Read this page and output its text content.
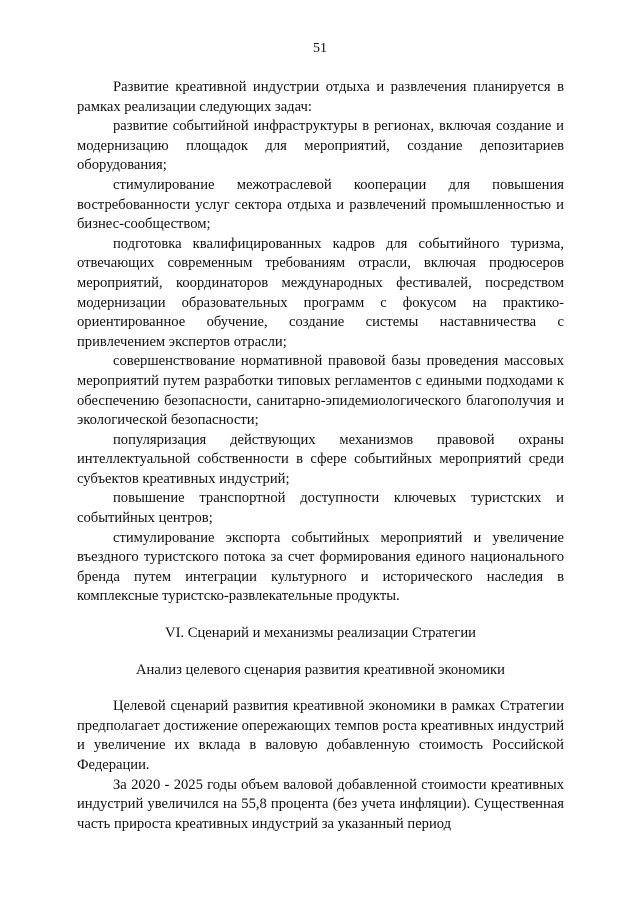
51

Развитие креативной индустрии отдыха и развлечения планируется в рамках реализации следующих задач:

развитие событийной инфраструктуры в регионах, включая создание и модернизацию площадок для мероприятий, создание депозитариев оборудования;

стимулирование межотраслевой кооперации для повышения востребованности услуг сектора отдыха и развлечений промышленностью и бизнес-сообществом;

подготовка квалифицированных кадров для событийного туризма, отвечающих современным требованиям отрасли, включая продюсеров мероприятий, координаторов международных фестивалей, посредством модернизации образовательных программ с фокусом на практико-ориентированное обучение, создание системы наставничества с привлечением экспертов отрасли;

совершенствование нормативной правовой базы проведения массовых мероприятий путем разработки типовых регламентов с едиными подходами к обеспечению безопасности, санитарно-эпидемиологического благополучия и экологической безопасности;

популяризация действующих механизмов правовой охраны интеллектуальной собственности в сфере событийных мероприятий среди субъектов креативных индустрий;

повышение транспортной доступности ключевых туристских и событийных центров;

стимулирование экспорта событийных мероприятий и увеличение въездного туристского потока за счет формирования единого национального бренда путем интеграции культурного и исторического наследия в комплексные туристско-развлекательные продукты.

VI. Сценарий и механизмы реализации Стратегии

Анализ целевого сценария развития креативной экономики

Целевой сценарий развития креативной экономики в рамках Стратегии предполагает достижение опережающих темпов роста креативных индустрий и увеличение их вклада в валовую добавленную стоимость Российской Федерации.

За 2020 - 2025 годы объем валовой добавленной стоимости креативных индустрий увеличился на 55,8 процента (без учета инфляции). Существенная часть прироста креативных индустрий за указанный период
